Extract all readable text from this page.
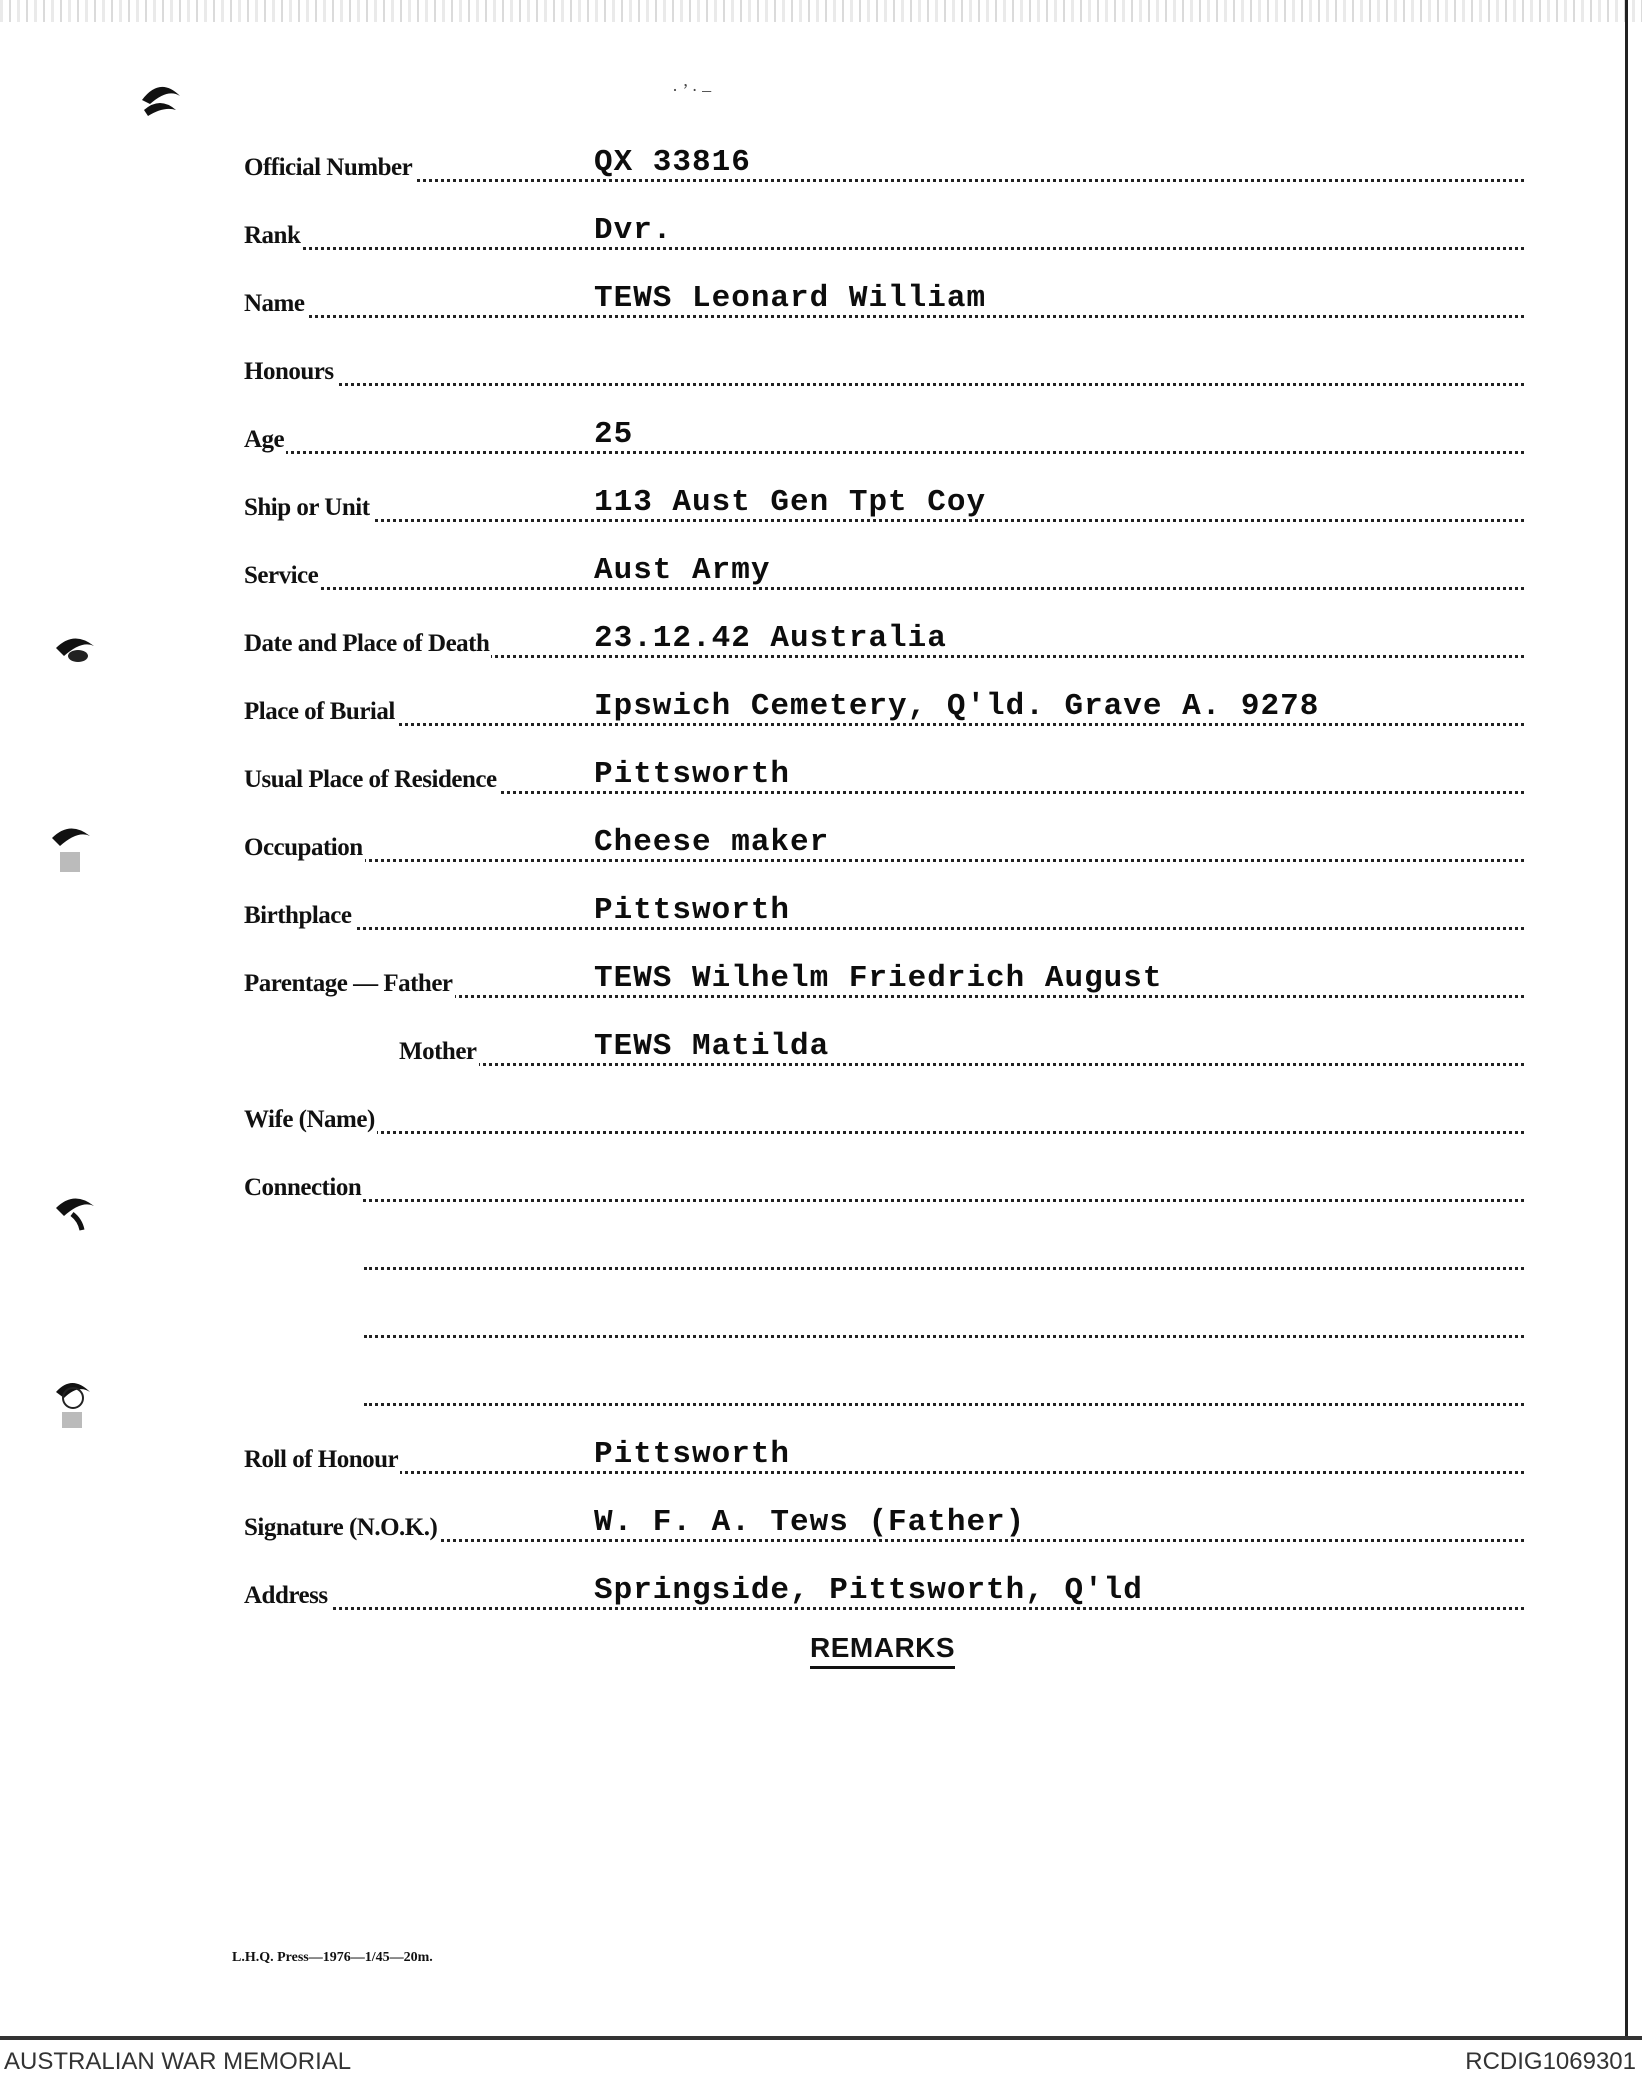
· ’ · –
Official Number	QX 33816
Rank	Dvr.
Name	TEWS Leonard William
Honours
Age	25
Ship or Unit	113 Aust Gen Tpt Coy
Service	Aust Army
Date and Place of Death	23.12.42 Australia
Place of Burial	Ipswich Cemetery, Q'ld. Grave A. 9278
Usual Place of Residence	Pittsworth
Occupation	Cheese maker
Birthplace	Pittsworth
Parentage — Father	TEWS Wilhelm Friedrich August
Mother	TEWS Matilda
Wife (Name)
Connection
Roll of Honour	Pittsworth
Signature (N.O.K.)	W. F. A. Tews (Father)
Address	Springside, Pittsworth, Q'ld
REMARKS
L.H.Q. Press—1976—1/45—20m.
AUSTRALIAN WAR MEMORIAL	RCDIG1069301
